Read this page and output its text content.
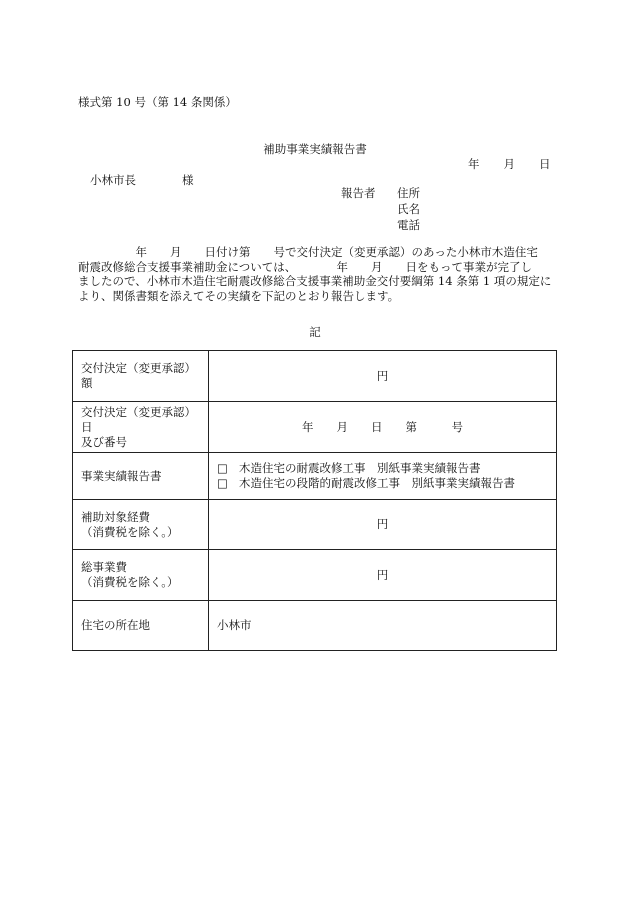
様式第 10 号（第 14 条関係）
補助事業実績報告書
年 月 日
小林市長	様
報告者 住所
氏名
電話

　　　　　年　　月　　日付け第　　号で交付決定（変更承認）のあった小林市木造住宅

耐震改修総合支援事業補助金については、　　　　年　　月　　日をもって事業が完了し

ましたので、小林市木造住宅耐震改修総合支援事業補助金交付要綱第 14 条第 1 項の規定に

より、関係書類を添えてその実績を下記のとおり報告します。

記
交付決定（変更承認）額	円

交付決定（変更承認）日
及び番号	年　　月　　日　　第　　　号
事業実績報告書	□ 木造住宅の耐震改修工事　別紙事業実績報告書
□ 木造住宅の段階的耐震改修工事　別紙事業実績報告書

補助対象経費
（消費税を除く。）	円

総事業費
（消費税を除く。）	円
住宅の所在地	小林市
